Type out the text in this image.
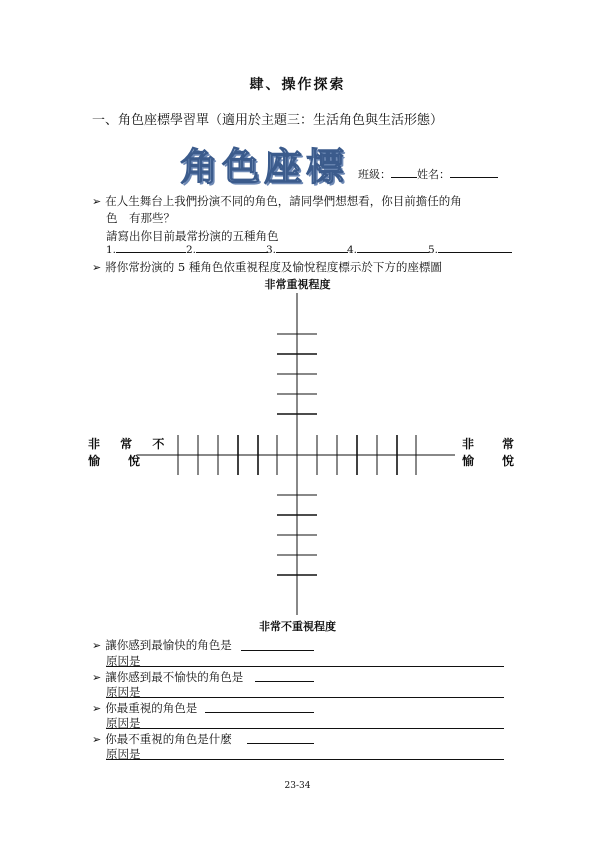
肆、操作探索
一、角色座標學習單（適用於主題三：生活角色與生活形態）
角色座標 班級： 姓名：
➢ 在人生舞台上我們扮演不同的角色，請同學們想想看，你目前擔任的角
色　有那些？
請寫出你目前最常扮演的五種角色
1.	2.	3.	4.	5.
➢ 將你常扮演的 5 種角色依重視程度及愉悅程度標示於下方的座標圖
非常重視程度
非 常 不
愉　悅
非　常
愉　悅
非常不重視程度
➢ 讓你感到最愉快的角色是
原因是
➢ 讓你感到最不愉快的角色是
原因是
➢ 你最重視的角色是
原因是
➢ 你最不重視的角色是什麼
原因是
23-34
